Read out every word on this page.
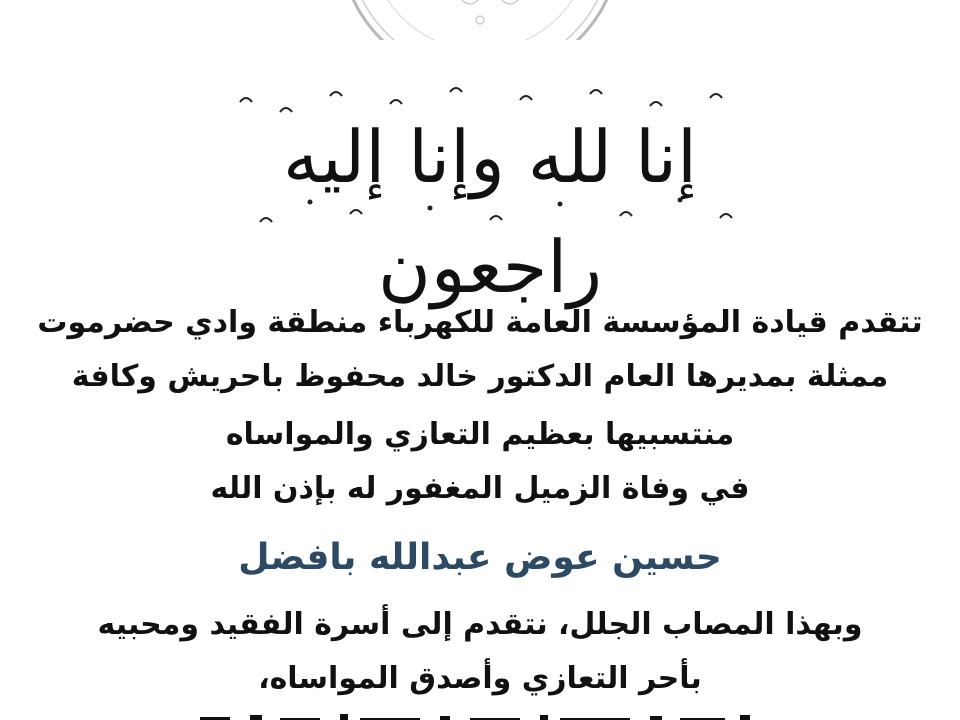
إنا لله وإنا إليه راجعون
تتقدم قيادة المؤسسة العامة للكهرباء منطقة وادي حضرموت
ممثلة بمديرها العام الدكتور خالد محفوظ باحريش وكافة
منتسبيها بعظيم التعازي والمواساه
في وفاة الزميل المغفور له بإذن الله
حسين عوض عبدالله بافضل
وبهذا المصاب الجلل، نتقدم إلى أسرة الفقيد ومحبيه
بأحر التعازي وأصدق المواساه،
